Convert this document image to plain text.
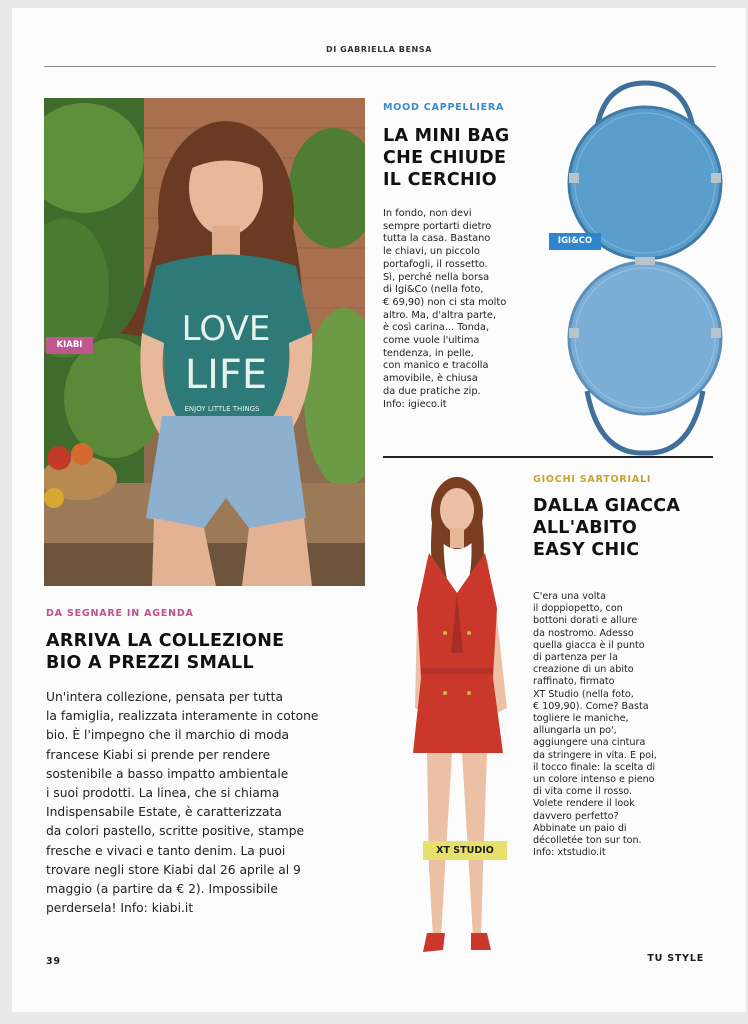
DI GABRIELLA BENSA
LOVE
LIFE
ENJOY LITTLE THINGS
KIABI
DA SEGNARE IN AGENDA
ARRIVA LA COLLEZIONE
BIO A PREZZI SMALL
Un'intera collezione, pensata per tutta
la famiglia, realizzata interamente in cotone
bio. È l'impegno che il marchio di moda
francese Kiabi si prende per rendere
sostenibile a basso impatto ambientale
i suoi prodotti. La linea, che si chiama
Indispensabile Estate, è caratterizzata
da colori pastello, scritte positive, stampe
fresche e vivaci e tanto denim. La puoi
trovare negli store Kiabi dal 26 aprile al 9
maggio (a partire da € 2). Impossibile
perdersela! Info: kiabi.it
MOOD CAPPELLIERA
LA MINI BAG
CHE CHIUDE
IL CERCHIO
In fondo, non devi
sempre portarti dietro
tutta la casa. Bastano
le chiavi, un piccolo
portafogli, il rossetto.
Sì, perché nella borsa
di Igi&Co (nella foto,
€ 69,90) non ci sta molto
altro. Ma, d'altra parte,
è così carina... Tonda,
come vuole l'ultima
tendenza, in pelle,
con manico e tracolla
amovibile, è chiusa
da due pratiche zip.
Info: igieco.it
IGI&CO
XT STUDIO
GIOCHI SARTORIALI
DALLA GIACCA
ALL'ABITO
EASY CHIC
C'era una volta
il doppiopetto, con
bottoni dorati e allure
da nostromo. Adesso
quella giacca è il punto
di partenza per la
creazione di un abito
raffinato, firmato
XT Studio (nella foto,
€ 109,90). Come? Basta
togliere le maniche,
allungarla un po',
aggiungere una cintura
da stringere in vita. E poi,
il tocco finale: la scelta di
un colore intenso e pieno
di vita come il rosso.
Volete rendere il look
davvero perfetto?
Abbinate un paio di
décolletée ton sur ton.
Info: xtstudio.it
39	TU STYLE
